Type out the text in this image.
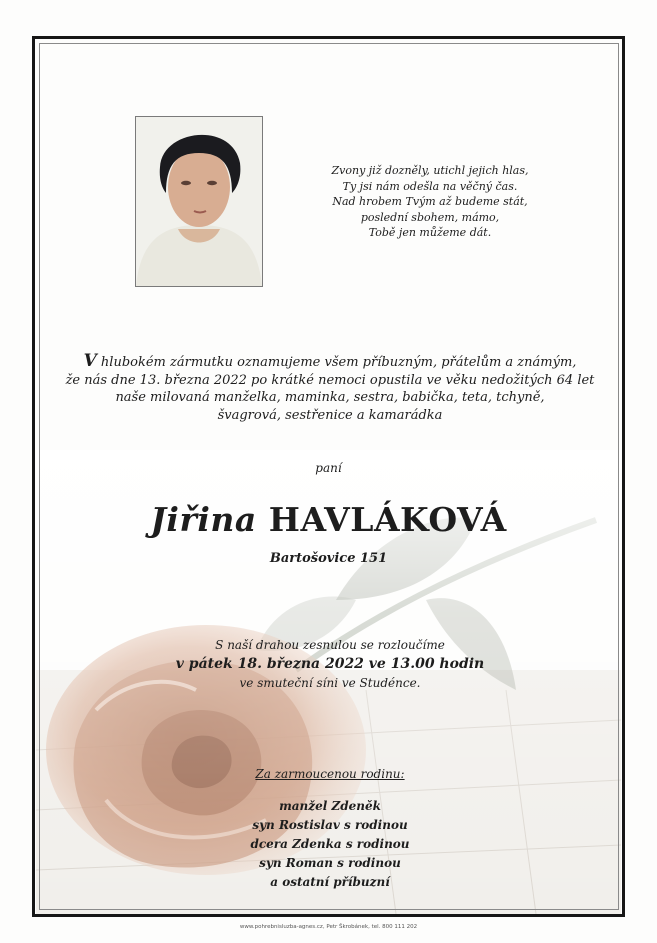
Zvony již dozněly, utichl jejich hlas,
Ty jsi nám odešla na věčný čas.
Nad hrobem Tvým až budeme stát,
poslední sbohem, mámo,
Tobě jen můžeme dát.
V hlubokém zármutku oznamujeme všem příbuzným, přátelům a známým,
že nás dne 13. března 2022 po krátké nemoci opustila ve věku nedožitých 64 let
naše milovaná manželka, maminka, sestra, babička, teta, tchyně,
švagrová, sestřenice a kamarádka
paní
Jiřina HAVLÁKOVÁ
Bartošovice 151
S naší drahou zesnulou se rozloučíme
v pátek 18. března 2022 ve 13.00 hodin
ve smuteční síni ve Studénce.
Za zarmoucenou rodinu:
manžel Zdeněk
syn Rostislav s rodinou
dcera Zdenka s rodinou
syn Roman s rodinou
a ostatní příbuzní
www.pohrebnisluzba-agnes.cz, Petr Škrobánek, tel. 800 111 202
